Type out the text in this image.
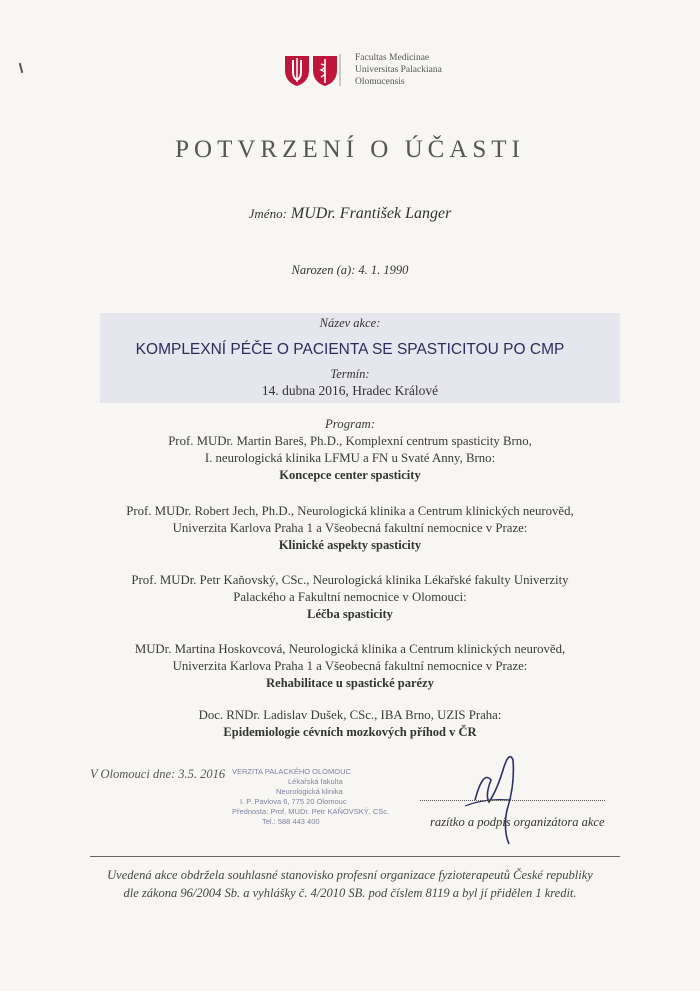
Facultas Medicinae
Universitas Palackiana
Olomucensis
POTVRZENÍ O ÚČASTI
Jméno: MUDr. František Langer
Narozen (a): 4. 1. 1990
Název akce:
KOMPLEXNÍ PÉČE O PACIENTA SE SPASTICITOU PO CMP
Termín:
14. dubna 2016, Hradec Králové
Program:
Prof. MUDr. Martin Bareš, Ph.D., Komplexní centrum spasticity Brno,
I. neurologická klinika LFMU a FN u Svaté Anny, Brno:
Koncepce center spasticity
Prof. MUDr. Robert Jech, Ph.D., Neurologická klinika a Centrum klinických neurověd,
Univerzita Karlova Praha 1 a Všeobecná fakultní nemocnice v Praze:
Klinické aspekty spasticity
Prof. MUDr. Petr Kaňovský, CSc., Neurologická klinika Lékařské fakulty Univerzity
Palackého a Fakultní nemocnice v Olomouci:
Léčba spasticity
MUDr. Martina Hoskovcová, Neurologická klinika a Centrum klinických neurověd,
Univerzita Karlova Praha 1 a Všeobecná fakultní nemocnice v Praze:
Rehabilitace u spastické parézy
Doc. RNDr. Ladislav Dušek, CSc., IBA Brno, UZIS Praha:
Epidemiologie cévních mozkových příhod v ČR
V Olomouci dne: 3.5. 2016 VERZITA PALACKÉHO OLOMOUC
Lékařská fakulta
Neurologická klinika
I. P. Pavlova 6, 775 20 Olomouc
Přednosta: Prof. MUDr. Petr KAŇOVSKÝ, CSc.
Tel.: 588 443 400	razítko a podpis organizátora akce
Uvedená akce obdržela souhlasné stanovisko profesní organizace fyzioterapeutů České republiky
dle zákona 96/2004 Sb. a vyhlášky č. 4/2010 SB. pod číslem 8119 a byl jí přidělen 1 kredit.
